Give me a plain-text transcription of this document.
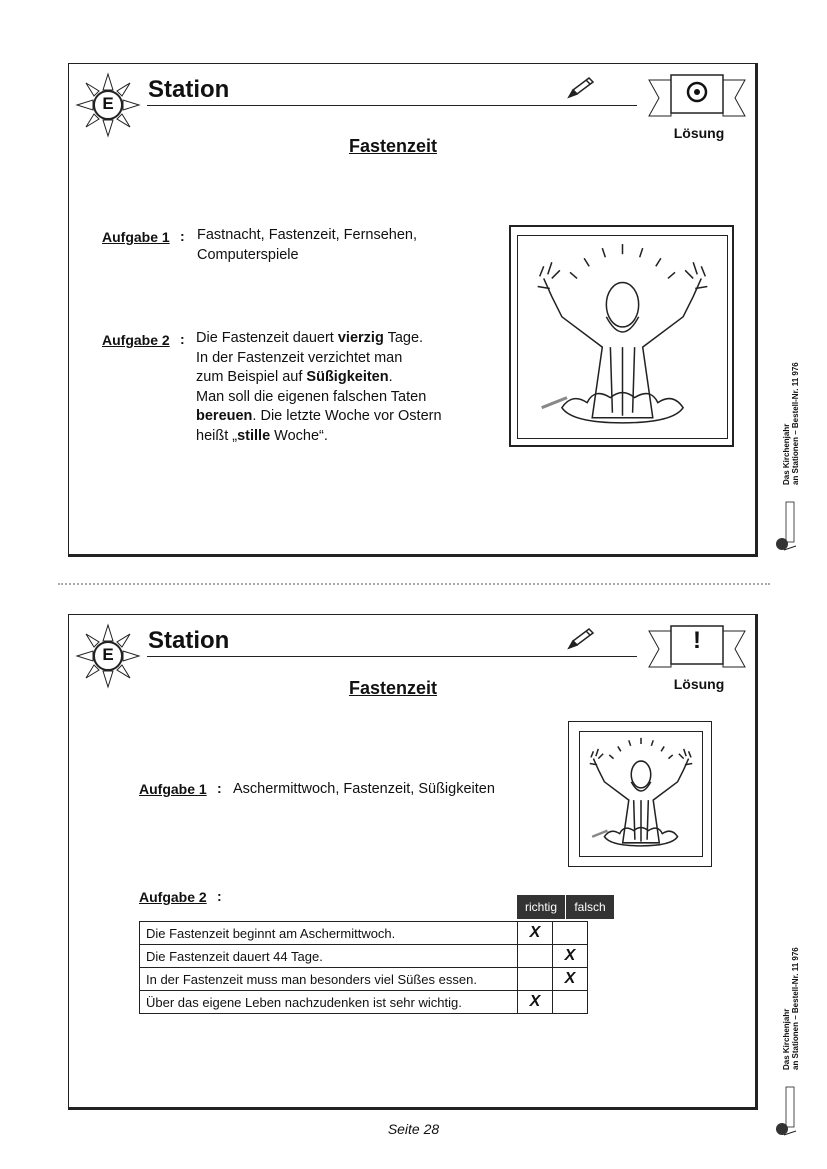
E
Station
Lösung
Fastenzeit
Aufgabe 1 : Fastnacht, Fastenzeit, Fernsehen, Computerspiele
Aufgabe 2 : Die Fastenzeit dauert vierzig Tage.
In der Fastenzeit verzichtet man
zum Beispiel auf Süßigkeiten.
Man soll die eigenen falschen Taten
bereuen. Die letzte Woche vor Ostern
heißt „stille Woche“.	Das Kirchenjahr an Stationen – Bestell-Nr. 11 976
E
Station	!
Lösung
Fastenzeit
Aufgabe 1 : Aschermittwoch, Fastenzeit, Süßigkeiten
Aufgabe 2 :
richtig	falsch
Die Fastenzeit beginnt am Aschermittwoch.	X	
Die Fastenzeit dauert 44 Tage.		X
In der Fastenzeit muss man besonders viel Süßes essen.		X
Über das eigene Leben nachzudenken ist sehr wichtig.	X	
Das Kirchenjahr an Stationen – Bestell-Nr. 11 976
Seite 28
